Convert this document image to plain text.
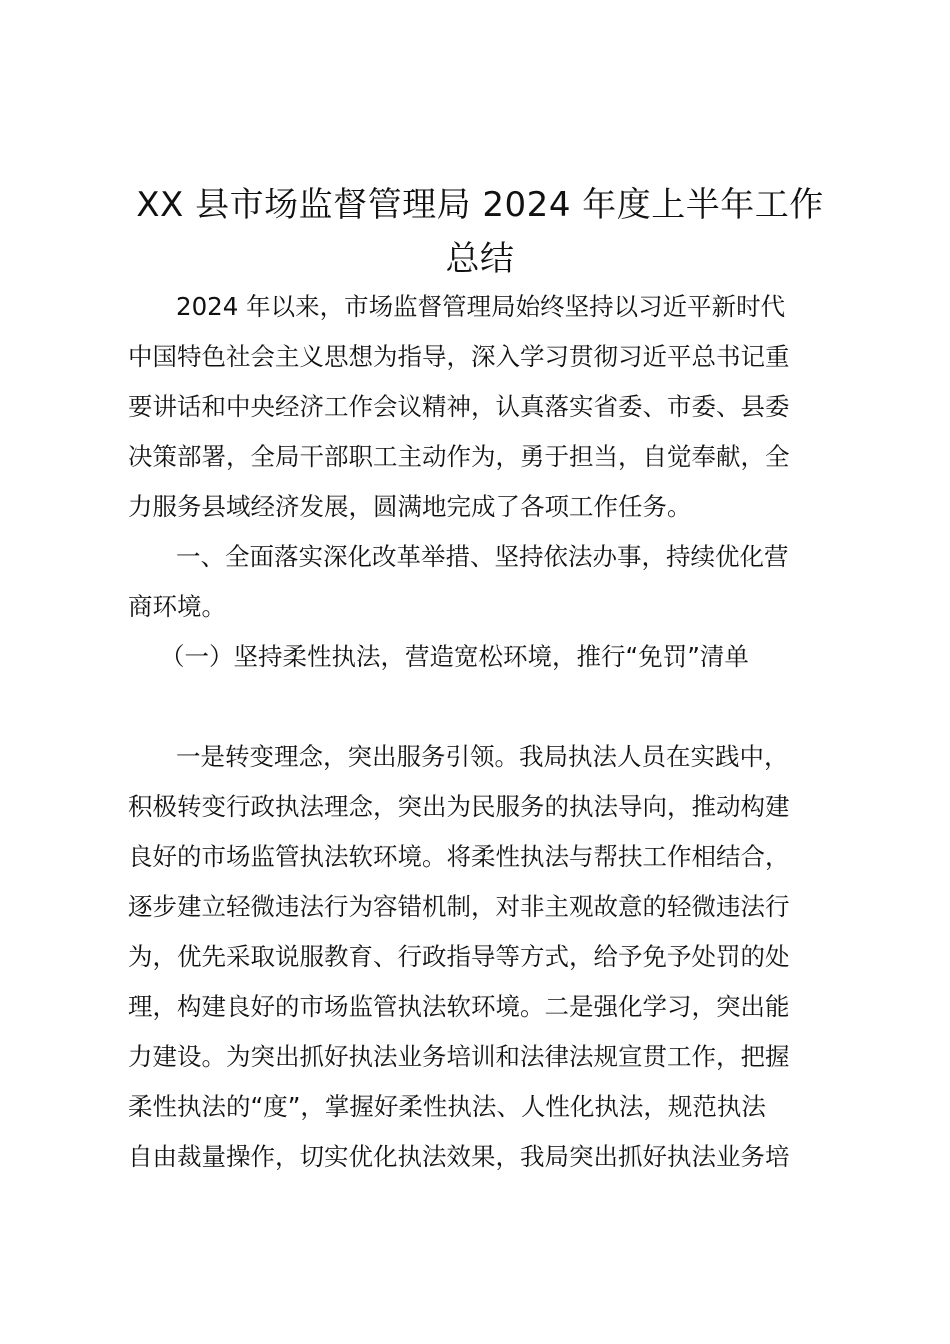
XX 县市场监督管理局 2024 年度上半年工作
总结
2024 年以来，市场监督管理局始终坚持以习近平新时代
中国特色社会主义思想为指导，深入学习贯彻习近平总书记重
要讲话和中央经济工作会议精神，认真落实省委、市委、县委
决策部署，全局干部职工主动作为，勇于担当，自觉奉献，全
力服务县域经济发展，圆满地完成了各项工作任务。
一、全面落实深化改革举措、坚持依法办事，持续优化营
商环境。
（一）坚持柔性执法，营造宽松环境，推行“免罚”清单
一是转变理念，突出服务引领。我局执法人员在实践中，
积极转变行政执法理念，突出为民服务的执法导向，推动构建
良好的市场监管执法软环境。将柔性执法与帮扶工作相结合，
逐步建立轻微违法行为容错机制，对非主观故意的轻微违法行
为，优先采取说服教育、行政指导等方式，给予免予处罚的处
理，构建良好的市场监管执法软环境。二是强化学习，突出能
力建设。为突出抓好执法业务培训和法律法规宣贯工作，把握
柔性执法的“度”，掌握好柔性执法、人性化执法，规范执法
自由裁量操作，切实优化执法效果，我局突出抓好执法业务培
